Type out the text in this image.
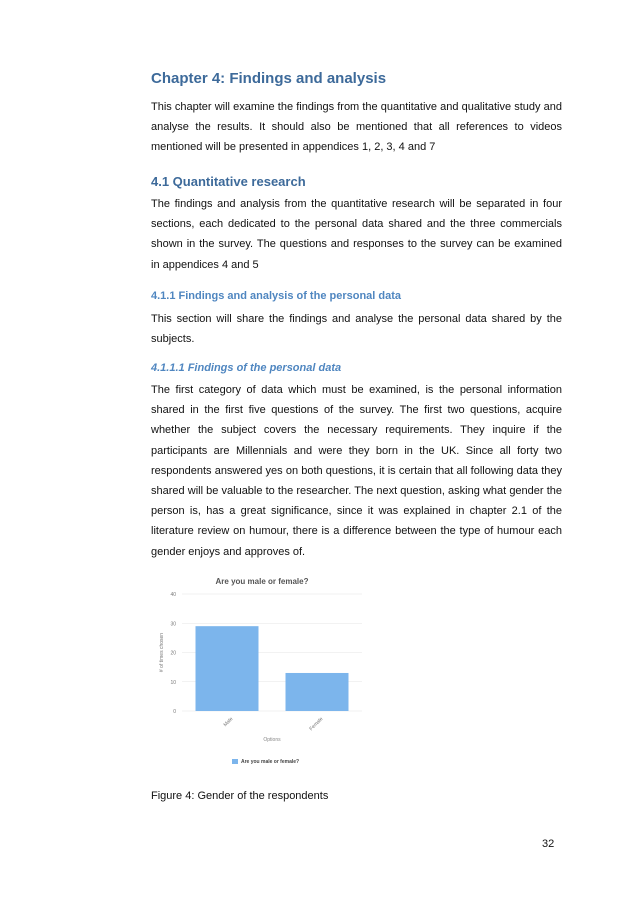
Chapter 4: Findings and analysis

This chapter will examine the findings from the quantitative and qualitative study and analyse the results. It should also be mentioned that all references to videos mentioned will be presented in appendices 1, 2, 3, 4 and 7

4.1 Quantitative research

The findings and analysis from the quantitative research will be separated in four sections, each dedicated to the personal data shared and the three commercials shown in the survey. The questions and responses to the survey can be examined in appendices 4 and 5

4.1.1 Findings and analysis of the personal data

This section will share the findings and analyse the personal data shared by the subjects.

4.1.1.1 Findings of the personal data

The first category of data which must be examined, is the personal information shared in the first five questions of the survey. The first two questions, acquire whether the subject covers the necessary requirements. They inquire if the participants are Millennials and were they born in the UK. Since all forty two respondents answered yes on both questions, it is certain that all following data they shared will be valuable to the researcher. The next question, asking what gender the person is, has a great significance, since it was explained in chapter 2.1 of the literature review on humour, there is a difference between the type of humour each gender enjoys and approves of.

Are you male or female?
0
10
20
30
40
# of times chosen
Male	Female
Options
Are you male or female?
Figure 4: Gender of the respondents
32
